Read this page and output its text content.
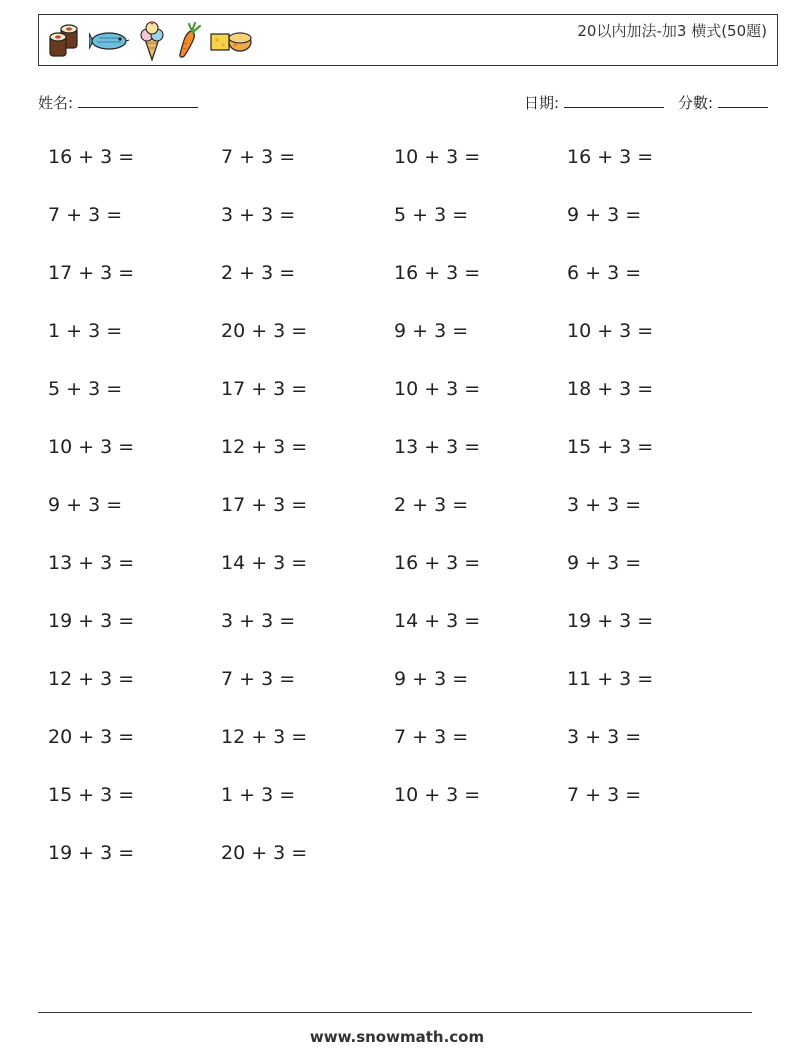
20以内加法-加3 横式(50題)
姓名:	日期:	分數:
16 + 3 =	7 + 3 =	10 + 3 =	16 + 3 =
7 + 3 =	3 + 3 =	5 + 3 =	9 + 3 =
17 + 3 =	2 + 3 =	16 + 3 =	6 + 3 =
1 + 3 =	20 + 3 =	9 + 3 =	10 + 3 =
5 + 3 =	17 + 3 =	10 + 3 =	18 + 3 =
10 + 3 =	12 + 3 =	13 + 3 =	15 + 3 =
9 + 3 =	17 + 3 =	2 + 3 =	3 + 3 =
13 + 3 =	14 + 3 =	16 + 3 =	9 + 3 =
19 + 3 =	3 + 3 =	14 + 3 =	19 + 3 =
12 + 3 =	7 + 3 =	9 + 3 =	11 + 3 =
20 + 3 =	12 + 3 =	7 + 3 =	3 + 3 =
15 + 3 =	1 + 3 =	10 + 3 =	7 + 3 =
19 + 3 =	20 + 3 =
www.snowmath.com
